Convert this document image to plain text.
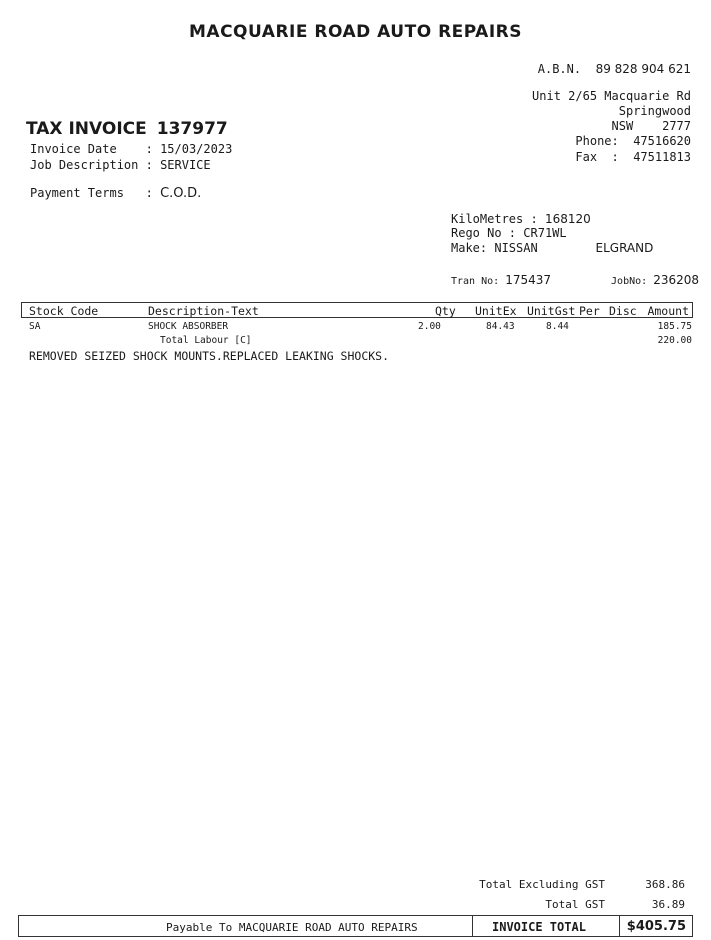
MACQUARIE ROAD AUTO REPAIRS
A.B.N. 89 828 904 621
Unit 2/65 Macquarie Rd
Springwood
NSW 2777
Phone: 47516620
Fax  : 47511813
TAX INVOICE 137977
Invoice Date    : 15/03/2023
Job Description : SERVICE
Payment Terms   : C.O.D.
KiloMetres : 168120
Rego No : CR71WL
Make: NISSAN	ELGRAND
Tran No: 175437	JobNo: 236208
Stock Code	Description-Text	Qty UnitEx UnitGst Per Disc Amount
SA	SHOCK ABSORBER	2.00	84.43	8.44	185.75
Total Labour [C]	220.00
REMOVED SEIZED SHOCK MOUNTS.REPLACED LEAKING SHOCKS.
Total Excluding GST	368.86
Total GST	36.89
Payable To MACQUARIE ROAD AUTO REPAIRS	INVOICE TOTAL	$405.75
